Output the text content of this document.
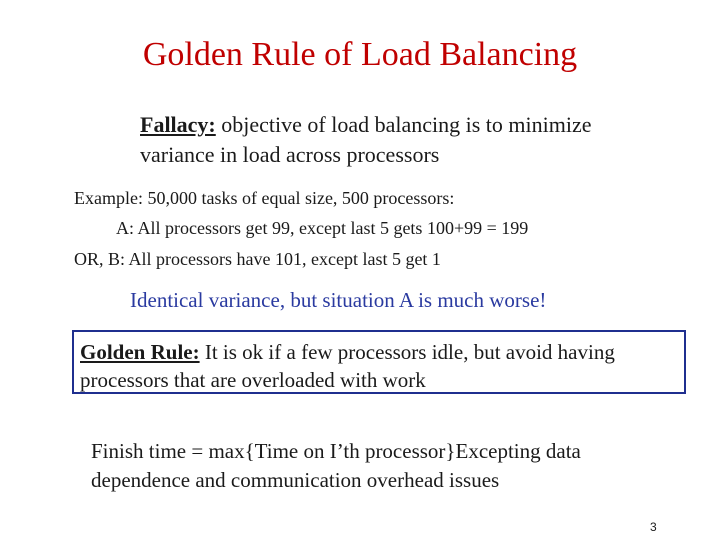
Golden Rule of Load Balancing
Fallacy: objective of load balancing is to minimize variance in load across processors
Example: 50,000 tasks of equal size, 500 processors:
A: All processors get 99, except last 5 gets 100+99 = 199
OR, B: All processors have 101, except last 5 get 1
Identical variance, but situation A is much worse!
Golden Rule: It is ok if a few processors idle, but avoid having processors that are overloaded with work
Finish time = max{Time on I’th processor}Excepting data dependence and communication overhead issues
3
